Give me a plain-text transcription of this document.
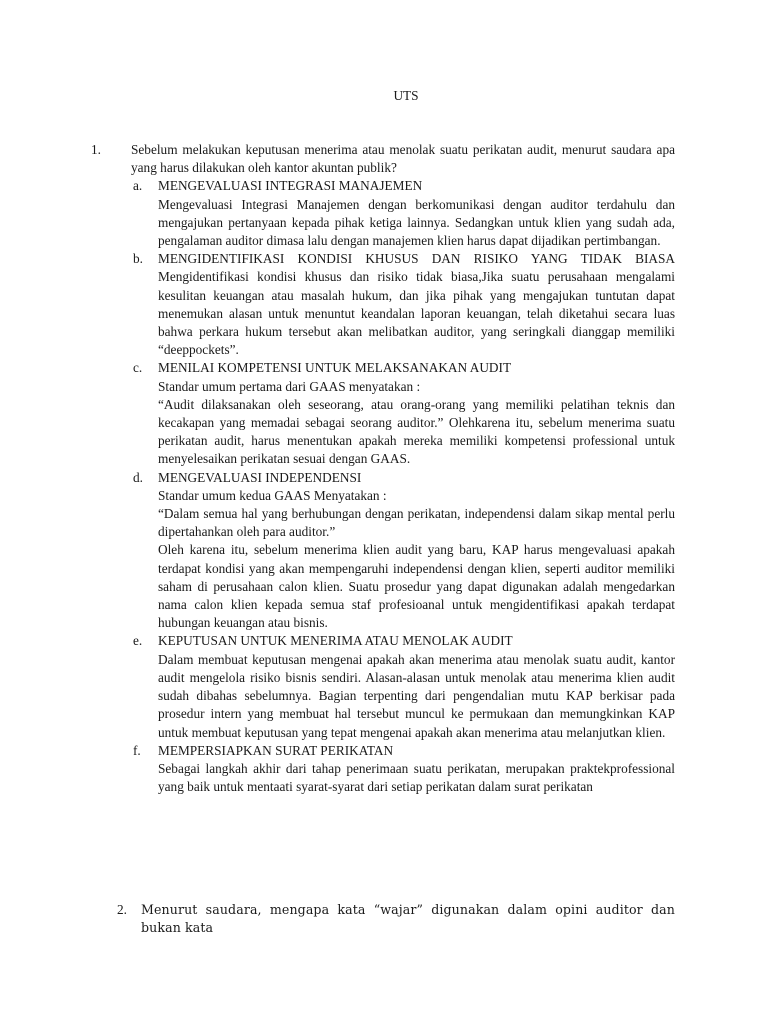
UTS
1. Sebelum melakukan keputusan menerima atau menolak suatu perikatan audit, menurut saudara apa yang harus dilakukan oleh kantor akuntan publik?
a. MENGEVALUASI INTEGRASI MANAJEMEN
Mengevaluasi Integrasi Manajemen dengan berkomunikasi dengan auditor terdahulu dan mengajukan pertanyaan kepada pihak ketiga lainnya. Sedangkan untuk klien yang sudah ada, pengalaman auditor dimasa lalu dengan manajemen klien harus dapat dijadikan pertimbangan.
b. MENGIDENTIFIKASI KONDISI KHUSUS DAN RISIKO YANG TIDAK BIASA Mengidentifikasi kondisi khusus dan risiko tidak biasa,Jika suatu perusahaan mengalami kesulitan keuangan atau masalah hukum, dan jika pihak yang mengajukan tuntutan dapat menemukan alasan untuk menuntut keandalan laporan keuangan, telah diketahui secara luas bahwa perkara hukum tersebut akan melibatkan auditor, yang seringkali dianggap memiliki “deeppockets”.
c. MENILAI KOMPETENSI UNTUK MELAKSANAKAN AUDIT
Standar umum pertama dari GAAS menyatakan :
“Audit dilaksanakan oleh seseorang, atau orang-orang yang memiliki pelatihan teknis dan kecakapan yang memadai sebagai seorang auditor.” Olehkarena itu, sebelum menerima suatu perikatan audit, harus menentukan apakah mereka memiliki kompetensi professional untuk menyelesaikan perikatan sesuai dengan GAAS.
d. MENGEVALUASI INDEPENDENSI
Standar umum kedua GAAS Menyatakan :
“Dalam semua hal yang berhubungan dengan perikatan, independensi dalam sikap mental perlu dipertahankan oleh para auditor.”
Oleh karena itu, sebelum menerima klien audit yang baru, KAP harus mengevaluasi apakah terdapat kondisi yang akan mempengaruhi independensi dengan klien, seperti auditor memiliki saham di perusahaan calon klien. Suatu prosedur yang dapat digunakan adalah mengedarkan nama calon klien kepada semua staf profesioanal untuk mengidentifikasi apakah terdapat hubungan keuangan atau bisnis.
e. KEPUTUSAN UNTUK MENERIMA ATAU MENOLAK AUDIT
Dalam membuat keputusan mengenai apakah akan menerima atau menolak suatu audit, kantor audit mengelola risiko bisnis sendiri. Alasan-alasan untuk menolak atau menerima klien audit sudah dibahas sebelumnya. Bagian terpenting dari pengendalian mutu KAP berkisar pada prosedur intern yang membuat hal tersebut muncul ke permukaan dan memungkinkan KAP untuk membuat keputusan yang tepat mengenai apakah akan menerima atau melanjutkan klien.
f. MEMPERSIAPKAN SURAT PERIKATAN
Sebagai langkah akhir dari tahap penerimaan suatu perikatan, merupakan praktekprofessional yang baik untuk mentaati syarat-syarat dari setiap perikatan dalam surat perikatan
2. Menurut saudara, mengapa kata “wajar” digunakan dalam opini auditor dan bukan kata
